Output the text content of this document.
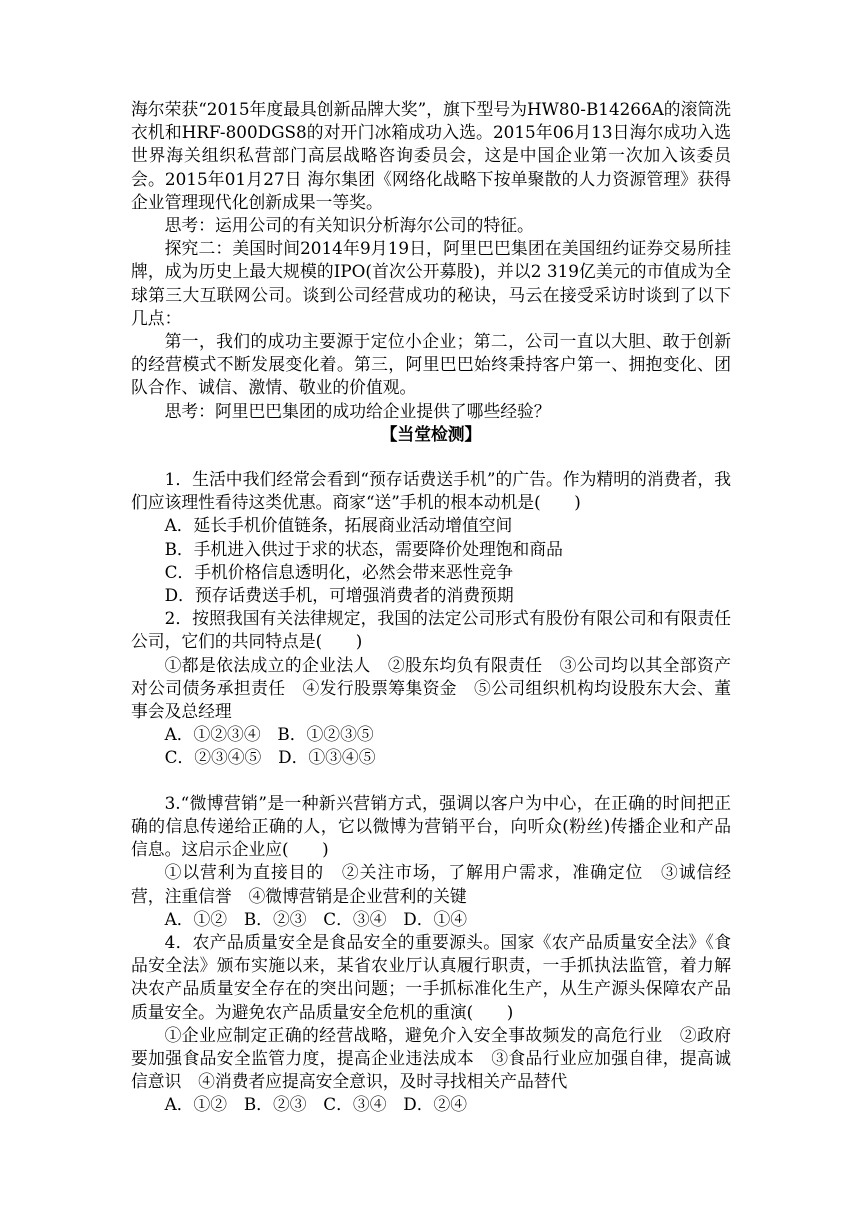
海尔荣获“2015年度最具创新品牌大奖”，旗下型号为HW80-B14266A的滚筒洗衣机和HRF-800DGS8的对开门冰箱成功入选。2015年06月13日海尔成功入选世界海关组织私营部门高层战略咨询委员会，这是中国企业第一次加入该委员会。2015年01月27日 海尔集团《网络化战略下按单聚散的人力资源管理》获得企业管理现代化创新成果一等奖。

思考：运用公司的有关知识分析海尔公司的特征。

探究二：美国时间2014年9月19日，阿里巴巴集团在美国纽约证券交易所挂牌，成为历史上最大规模的IPO(首次公开募股)，并以2 319亿美元的市值成为全球第三大互联网公司。谈到公司经营成功的秘诀，马云在接受采访时谈到了以下几点：

第一，我们的成功主要源于定位小企业；第二，公司一直以大胆、敢于创新的经营模式不断发展变化着。第三，阿里巴巴始终秉持客户第一、拥抱变化、团队合作、诚信、激情、敬业的价值观。

思考：阿里巴巴集团的成功给企业提供了哪些经验？

【当堂检测】

1．生活中我们经常会看到“预存话费送手机”的广告。作为精明的消费者，我们应该理性看待这类优惠。商家“送”手机的根本动机是(　　)

A．延长手机价值链条，拓展商业活动增值空间

B．手机进入供过于求的状态，需要降价处理饱和商品

C．手机价格信息透明化，必然会带来恶性竞争

D．预存话费送手机，可增强消费者的消费预期

2．按照我国有关法律规定，我国的法定公司形式有股份有限公司和有限责任公司，它们的共同特点是(　　)

①都是依法成立的企业法人　②股东均负有限责任　③公司均以其全部资产对公司债务承担责任　④发行股票筹集资金　⑤公司组织机构均设股东大会、董事会及总经理

A．①②③④　B．①②③⑤

C．②③④⑤　D．①③④⑤

3.“微博营销”是一种新兴营销方式，强调以客户为中心，在正确的时间把正确的信息传递给正确的人，它以微博为营销平台，向听众(粉丝)传播企业和产品信息。这启示企业应(　　)

①以营利为直接目的　②关注市场，了解用户需求，准确定位　③诚信经营，注重信誉　④微博营销是企业营利的关键

A．①②　B．②③　C．③④　D．①④

4．农产品质量安全是食品安全的重要源头。国家《农产品质量安全法》《食品安全法》颁布实施以来，某省农业厅认真履行职责，一手抓执法监管，着力解决农产品质量安全存在的突出问题；一手抓标准化生产，从生产源头保障农产品质量安全。为避免农产品质量安全危机的重演(　　)

①企业应制定正确的经营战略，避免介入安全事故频发的高危行业　②政府要加强食品安全监管力度，提高企业违法成本　③食品行业应加强自律，提高诚信意识　④消费者应提高安全意识，及时寻找相关产品替代

A．①②　B．②③　C．③④　D．②④
